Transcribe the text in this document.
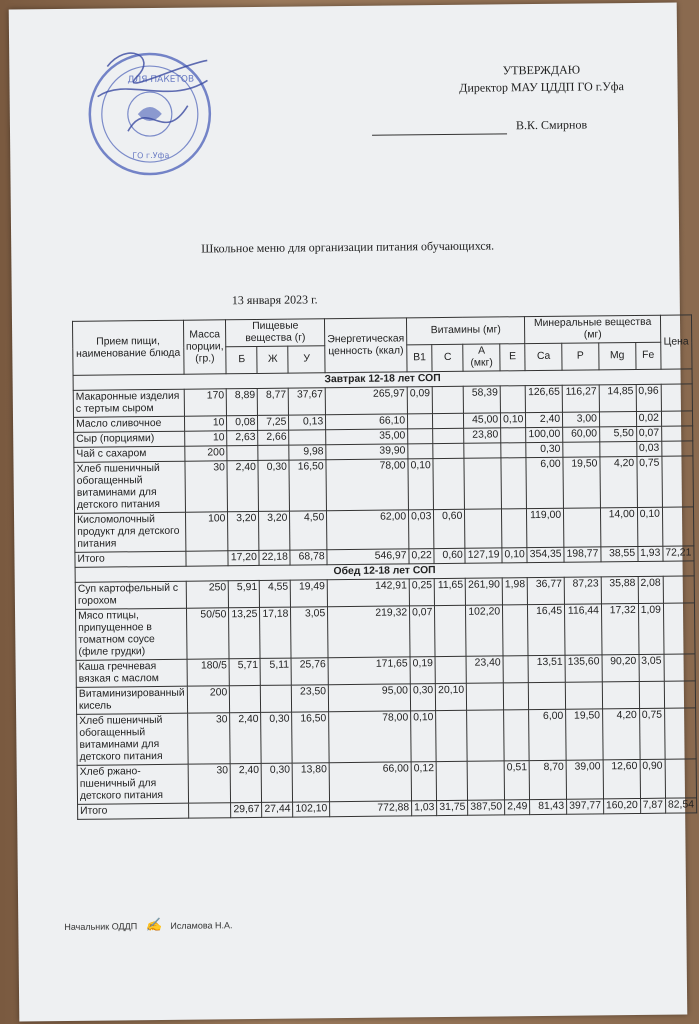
ДЛЯ ПАКЕТОВ
ГО г.Уфа
УТВЕРЖДАЮ
Директор МАУ ЦДДП ГО г.Уфа
В.К. Смирнов
Школьное меню для организации питания обучающихся.
13 января 2023 г.
Прием пищи, наименование блюда	Масса порции, (гр.)	Пищевые вещества (г)			Энергетическая ценность (ккал)	Витамины (мг)				Минеральные вещества (мг)				Цена
		Б	Ж	У		B1	C	А (мкг)	Е	Ca	P	Mg	Fe	
Завтрак 12-18 лет СОП														
Макаронные изделия с тертым сыром	170	8,89	8,77	37,67	265,97	0,09		58,39		126,65	116,27	14,85	0,96	
Масло сливочное	10	0,08	7,25	0,13	66,10			45,00	0,10	2,40	3,00		0,02	
Сыр (порциями)	10	2,63	2,66		35,00			23,80		100,00	60,00	5,50	0,07	
Чай с сахаром	200			9,98	39,90					0,30			0,03	
Хлеб пшеничный обогащенный витаминами для детского питания	30	2,40	0,30	16,50	78,00	0,10				6,00	19,50	4,20	0,75	
Кисломолочный продукт для детского питания	100	3,20	3,20	4,50	62,00	0,03	0,60			119,00		14,00	0,10	
Итого		17,20	22,18	68,78	546,97	0,22	0,60	127,19	0,10	354,35	198,77	38,55	1,93	72,21
Обед 12-18 лет СОП														
Суп картофельный с горохом	250	5,91	4,55	19,49	142,91	0,25	11,65	261,90	1,98	36,77	87,23	35,88	2,08	
Мясо птицы, припущенное в томатном соусе (филе грудки)	50/50	13,25	17,18	3,05	219,32	0,07		102,20		16,45	116,44	17,32	1,09	
Каша гречневая вязкая с маслом	180/5	5,71	5,11	25,76	171,65	0,19		23,40		13,51	135,60	90,20	3,05	
Витаминизированный кисель	200			23,50	95,00	0,30	20,10							
Хлеб пшеничный обогащенный витаминами для детского питания	30	2,40	0,30	16,50	78,00	0,10				6,00	19,50	4,20	0,75	
Хлеб ржано-пшеничный для детского питания	30	2,40	0,30	13,80	66,00	0,12			0,51	8,70	39,00	12,60	0,90	
Итого		29,67	27,44	102,10	772,88	1,03	31,75	387,50	2,49	81,43	397,77	160,20	7,87	82,54
Начальник ОДДП ✍ Исламова Н.А.
